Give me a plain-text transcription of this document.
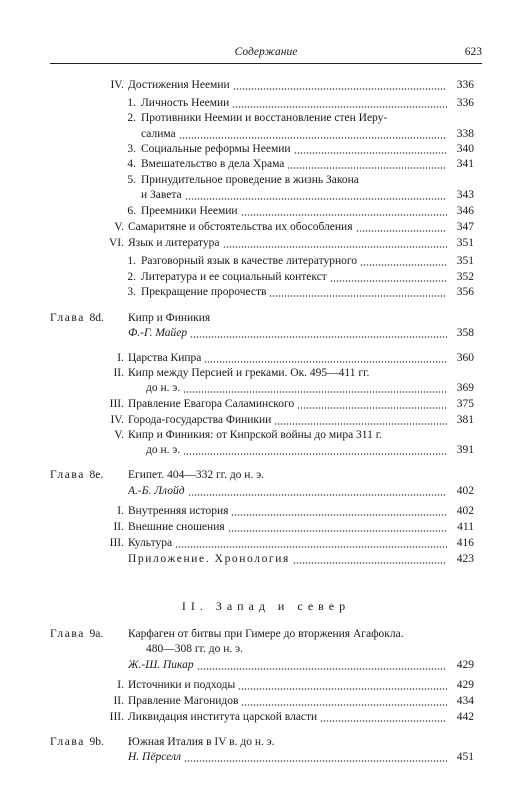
Содержание	623
IV. Достижения Неемии	336
1. Личность Неемии	336
2. Противники Неемии и восстановление стен Иеру-
салима	338
3. Социальные реформы Неемии	340
4. Вмешательство в дела Храма	341
5. Принудительное проведение в жизнь Закона
и Завета	343
6. Преемники Неемии	346
V. Самаритяне и обстоятельства их обособления	347
VI. Язык и литература	351
1. Разговорный язык в качестве литературного	351
2. Литература и ее социальный контекст	352
3. Прекращение пророчеств	356
Глава 8d. Кипр и Финикия
Ф.-Г. Майер	358
I. Царства Кипра	360
II. Кипр между Персией и греками. Ок. 495—411 гг.
до н. э.	369
III. Правление Евагора Саламинского	375
IV. Города-государства Финикии	381
V. Кипр и Финикия: от Кипрской войны до мира 311 г.
до н. э.	391
Глава 8e. Египет. 404—332 гг. до н. э.
А.-Б. Ллойд	402
I. Внутренняя история	402
II. Внешние сношения	411
III. Культура	416
Приложение. Хронология	423
II. Запад и север
Глава 9a. Карфаген от битвы при Гимере до вторжения Агафокла.
480—308 гг. до н. э.
Ж.-Ш. Пикар	429
I. Источники и подходы	429
II. Правление Магонидов	434
III. Ликвидация института царской власти	442
Глава 9b. Южная Италия в IV в. до н. э.
Н. Пёрселл	451
